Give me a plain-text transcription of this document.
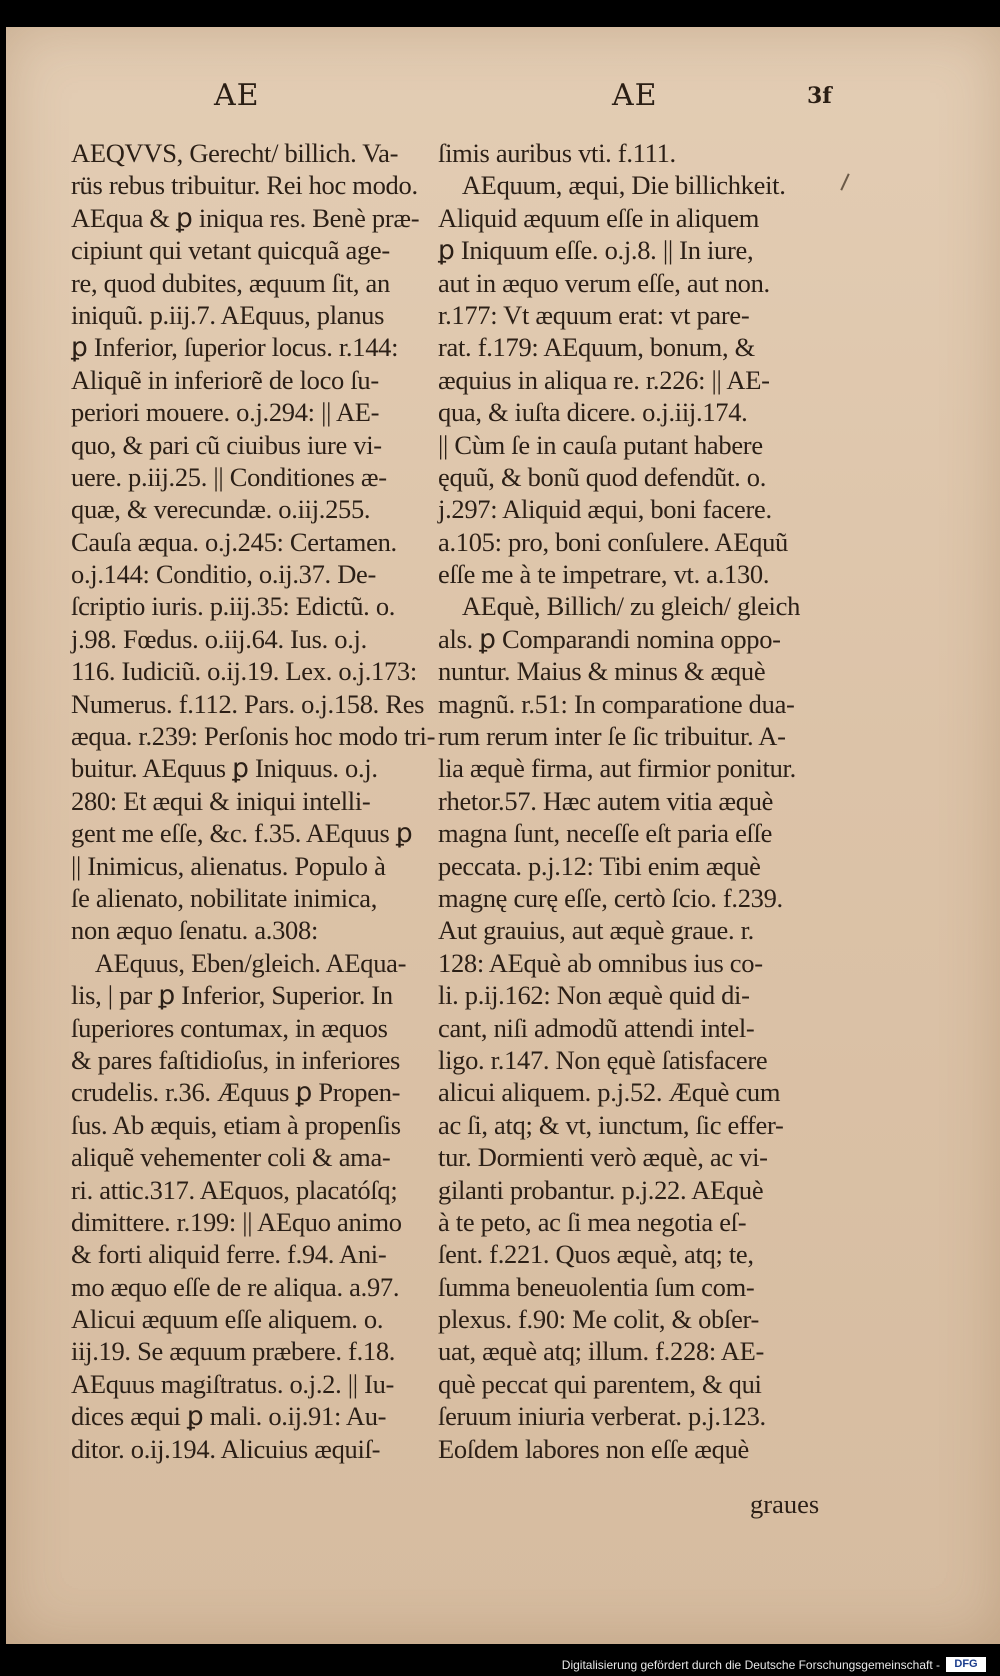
AE	AE	3f
AEQVVS, Gerecht/ billich. Va-
rüs rebus tribuitur. Rei hoc modo.
AEqua & ꝑ iniqua res. Benè præ-
cipiunt qui vetant quicquã age-
re, quod dubites, æquum ſit, an
iniquũ. p.iij.7. AEquus, planus
ꝑ Inferior, ſuperior locus. r.144:
Aliquẽ in inferiorẽ de loco ſu-
periori mouere. o.j.294: || AE-
quo, & pari cũ ciuibus iure vi-
uere. p.iij.25. || Conditiones æ-
quæ, & verecundæ. o.iij.255.
Cauſa æqua. o.j.245: Certamen.
o.j.144: Conditio, o.ij.37. De-
ſcriptio iuris. p.iij.35: Edictũ. o.
j.98. Fœdus. o.iij.64. Ius. o.j.
116. Iudiciũ. o.ij.19. Lex. o.j.173:
Numerus. f.112. Pars. o.j.158. Res
æqua. r.239: Perſonis hoc modo tri-
buitur. AEquus ꝑ Iniquus. o.j.
280: Et æqui & iniqui intelli-
gent me eſſe, &c. f.35. AEquus ꝑ
|| Inimicus, alienatus. Populo à
ſe alienato, nobilitate inimica,
non æquo ſenatu. a.308:
AEquus, Eben/gleich. AEqua-
lis, | par ꝑ Inferior, Superior. In
ſuperiores contumax, in æquos
& pares faſtidioſus, in inferiores
crudelis. r.36. Æquus ꝑ Propen-
ſus. Ab æquis, etiam à propenſis
aliquẽ vehementer coli & ama-
ri. attic.317. AEquos, placatóſq;
dimittere. r.199: || AEquo animo
& forti aliquid ferre. f.94. Ani-
mo æquo eſſe de re aliqua. a.97.
Alicui æquum eſſe aliquem. o.
iij.19. Se æquum præbere. f.18.
AEquus magiſtratus. o.j.2. || Iu-
dices æqui ꝑ mali. o.ij.91: Au-
ditor. o.ij.194. Alicuius æquiſ-
ſimis auribus vti. f.111.
AEquum, æqui, Die billichkeit.
Aliquid æquum eſſe in aliquem
ꝑ Iniquum eſſe. o.j.8. || In iure,
aut in æquo verum eſſe, aut non.
r.177: Vt æquum erat: vt pare-
rat. f.179: AEquum, bonum, &
æquius in aliqua re. r.226: || AE-
qua, & iuſta dicere. o.j.iij.174.
|| Cùm ſe in cauſa putant habere
ęquũ, & bonũ quod defendũt. o.
j.297: Aliquid æqui, boni facere.
a.105: pro, boni conſulere. AEquũ
eſſe me à te impetrare, vt. a.130.
AEquè, Billich/ zu gleich/ gleich
als. ꝑ Comparandi nomina oppo-
nuntur. Maius & minus & æquè
magnũ. r.51: In comparatione dua-
rum rerum inter ſe ſic tribuitur. A-
lia æquè firma, aut firmior ponitur.
rhetor.57. Hæc autem vitia æquè
magna ſunt, neceſſe eſt paria eſſe
peccata. p.j.12: Tibi enim æquè
magnę curę eſſe, certò ſcio. f.239.
Aut grauius, aut æquè graue. r.
128: AEquè ab omnibus ius co-
li. p.ij.162: Non æquè quid di-
cant, niſi admodũ attendi intel-
ligo. r.147. Non ęquè ſatisfacere
alicui aliquem. p.j.52. Æquè cum
ac ſi, atq; & vt, iunctum, ſic effer-
tur. Dormienti verò æquè, ac vi-
gilanti probantur. p.j.22. AEquè
à te peto, ac ſi mea negotia eſ-
ſent. f.221. Quos æquè, atq; te,
ſumma beneuolentia ſum com-
plexus. f.90: Me colit, & obſer-
uat, æquè atq; illum. f.228: AE-
què peccat qui parentem, & qui
ſeruum iniuria verberat. p.j.123.
Eoſdem labores non eſſe æquè
graues
Digitalisierung gefördert durch die Deutsche Forschungsgemeinschaft -	DFG
